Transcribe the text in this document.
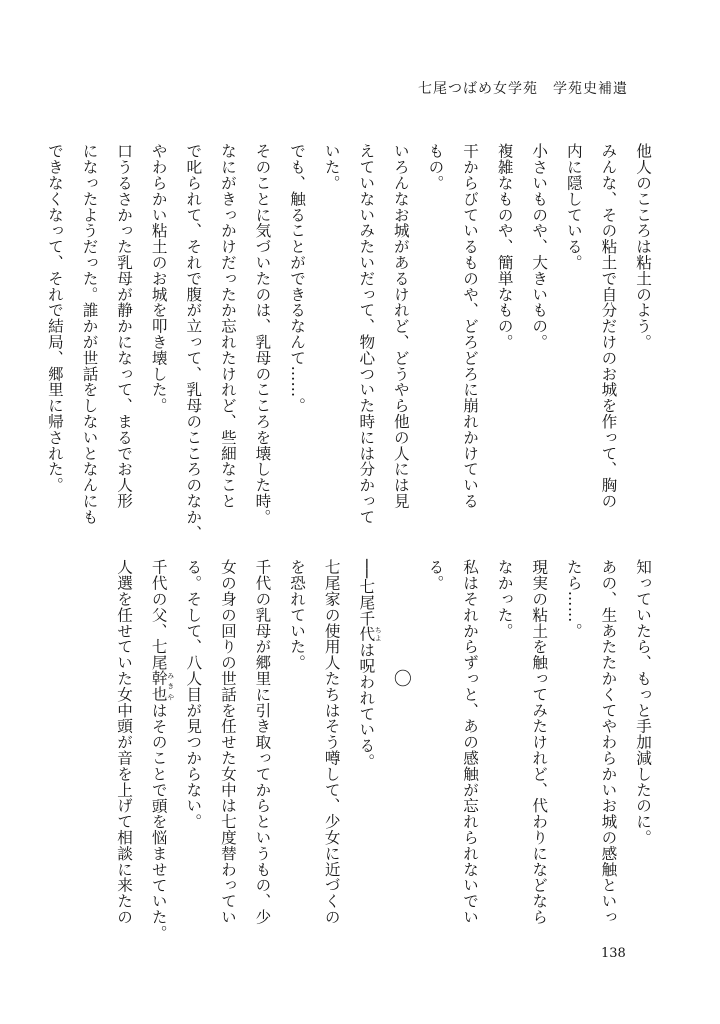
七尾つばめ女学苑　学苑史補遺
他人のこころは粘土のよう。
みんな、その粘土で自分だけのお城を作って、胸の
内に隠している。
小さいものや、大きいもの。
複雑なものや、簡単なもの。
干からびているものや、どろどろに崩れかけている
もの。
いろんなお城があるけれど、どうやら他の人には見
えていないみたいだって、物心ついた時には分かって
いた。
でも、触ることができるなんて……。
そのことに気づいたのは、乳母のこころを壊した時。
なにがきっかけだったか忘れたけれど、些細なこと
で叱られて、それで腹が立って、乳母のこころのなか、
やわらかい粘土のお城を叩き壊した。
口うるさかった乳母が静かになって、まるでお人形
になったようだった。誰かが世話をしないとなんにも
できなくなって、それで結局、郷里に帰された。
知っていたら、もっと手加減したのに。
あの、生あたたかくてやわらかいお城の感触といっ
たら……。
現実の粘土を触ってみたけれど、代わりになどなら
なかった。
私はそれからずっと、あの感触が忘れられないでい
る。
〇
──七尾千代 ちよは呪われている。
七尾家の使用人たちはそう噂して、少女に近づくの
を恐れていた。
千代の乳母が郷里に引き取ってからというもの、少
女の身の回りの世話を任せた女中は七度替わってい
る。そして、八人目が見つからない。
千代の父、七尾幹也 みきやはそのことで頭を悩ませていた。
人選を任せていた女中頭が音を上げて相談に来たの
138
